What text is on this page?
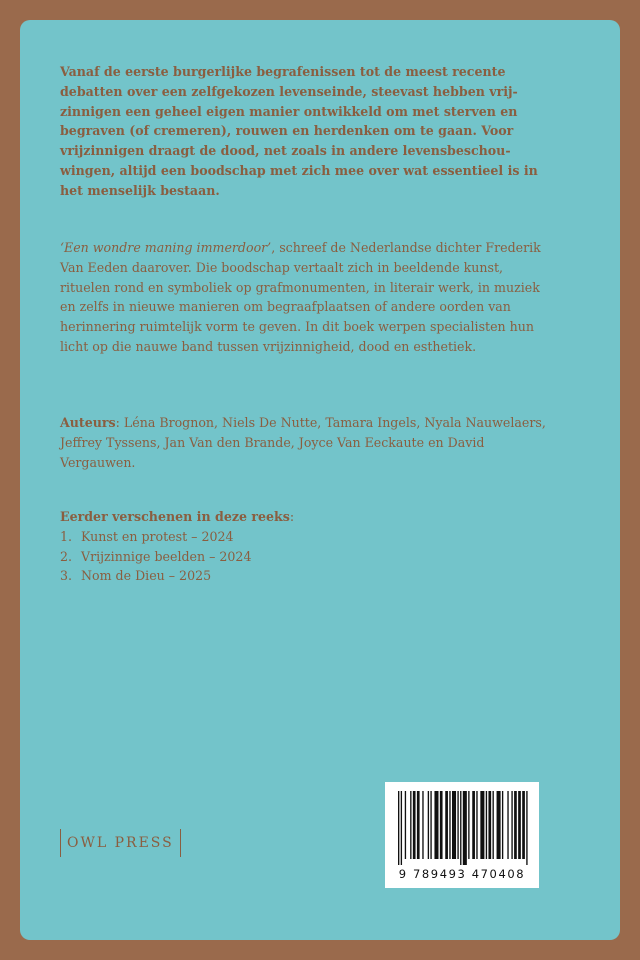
Vanaf de eerste burgerlijke begrafenissen tot de meest recente debatten over een zelfgekozen levenseinde, steevast hebben vrijzinnigen een geheel eigen manier ontwikkeld om met sterven en begraven (of cremeren), rouwen en herdenken om te gaan. Voor vrijzinnigen draagt de dood, net zoals in andere levensbeschouwingen, altijd een boodschap met zich mee over wat essentieel is in het menselijk bestaan.

‘Een wondre maning immerdoor’, schreef de Nederlandse dichter Frederik Van Eeden daarover. Die boodschap vertaalt zich in beeldende kunst, rituelen rond en symboliek op grafmonumenten, in literair werk, in muziek en zelfs in nieuwe manieren om begraafplaatsen of andere oorden van herinnering ruimtelijk vorm te geven. In dit boek werpen specialisten hun licht op die nauwe band tussen vrijzinnigheid, dood en esthetiek.

Auteurs: Léna Brognon, Niels De Nutte, Tamara Ingels, Nyala Nauwelaers, Jeffrey Tyssens, Jan Van den Brande, Joyce Van Eeckaute en David Vergauwen.

Eerder verschenen in deze reeks:

1. Kunst en protest – 2024
2. Vrijzinnige beelden – 2024
3. Nom de Dieu – 2025
OWL PRESS
9 789493 470408
